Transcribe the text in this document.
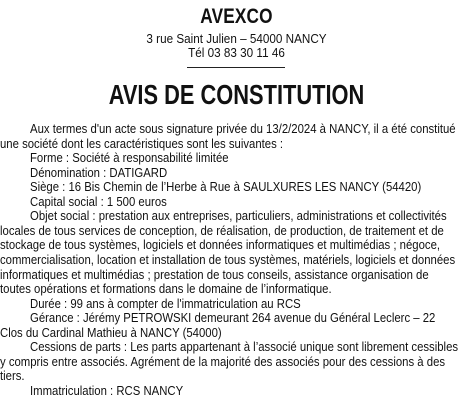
AVEXCO
3 rue Saint Julien – 54000 NANCY
Tél 03 83 30 11 46
AVIS DE CONSTITUTION
Aux termes d'un acte sous signature privée du 13/2/2024 à NANCY, il a été constitué
une société dont les caractéristiques sont les suivantes :
Forme : Société à responsabilité limitée
Dénomination : DATIGARD
Siège : 16 Bis Chemin de l’Herbe à Rue à SAULXURES LES NANCY (54420)
Capital social : 1 500 euros
Objet social : prestation aux entreprises, particuliers, administrations et collectivités
locales de tous services de conception, de réalisation, de production, de traitement et de
stockage de tous systèmes, logiciels et données informatiques et multimédias ; négoce,
commercialisation, location et installation de tous systèmes, matériels, logiciels et données
informatiques et multimédias ; prestation de tous conseils, assistance organisation de
toutes opérations et formations dans le domaine de l’informatique.
Durée : 99 ans à compter de l'immatriculation au RCS
Gérance : Jérémy PETROWSKI demeurant 264 avenue du Général Leclerc – 22
Clos du Cardinal Mathieu à NANCY (54000)
Cessions de parts : Les parts appartenant à l’associé unique sont librement cessibles
y compris entre associés. Agrément de la majorité des associés pour des cessions à des
tiers.
Immatriculation : RCS NANCY
